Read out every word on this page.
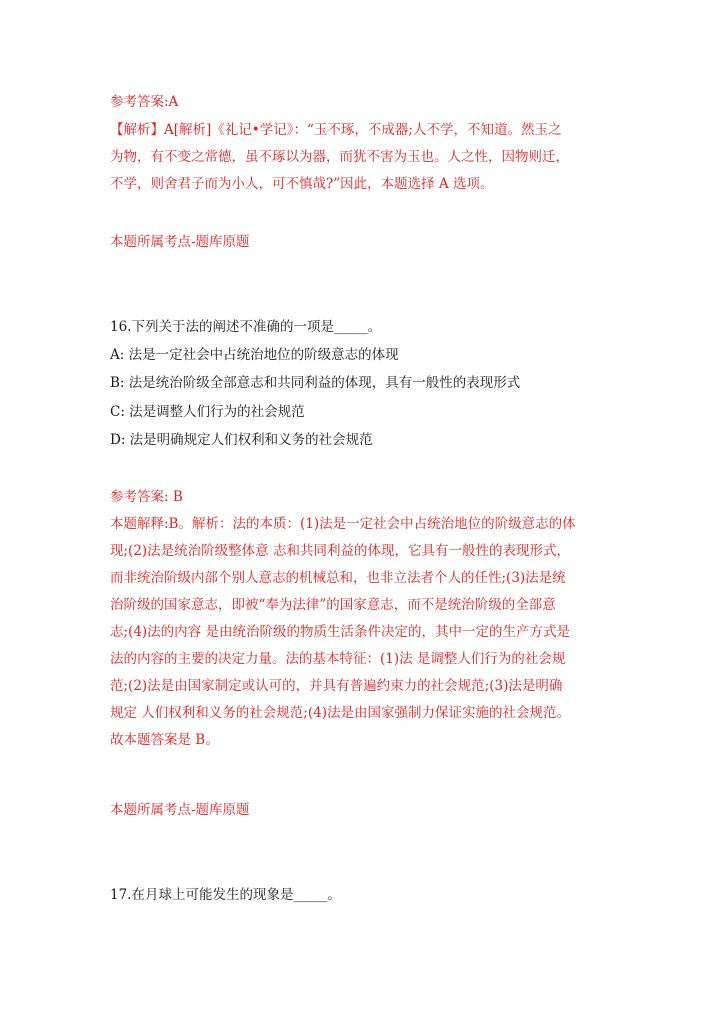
参考答案:A
【解析】A[解析]《礼记•学记》：“玉不琢，不成器;人不学，不知道。然玉之
为物，有不变之常德，虽不琢以为器，而犹不害为玉也。人之性，因物则迁，
不学，则舍君子而为小人，可不慎哉?”因此，本题选择 A 选项。
本题所属考点-题库原题
16.下列关于法的阐述不准确的一项是_____。
A: 法是一定社会中占统治地位的阶级意志的体现
B: 法是统治阶级全部意志和共同利益的体现，具有一般性的表现形式
C: 法是调整人们行为的社会规范
D: 法是明确规定人们权利和义务的社会规范
参考答案: B
本题解释:B。解析：法的本质：(1)法是一定社会中占统治地位的阶级意志的体
现;(2)法是统治阶级整体意 志和共同利益的体现，它具有一般性的表现形式，
而非统治阶级内部个别人意志的机械总和，也非立法者个人的任性;(3)法是统
治阶级的国家意志，即被“奉为法律”的国家意志，而不是统治阶级的全部意
志;(4)法的内容 是由统治阶级的物质生活条件决定的，其中一定的生产方式是
法的内容的主要的决定力量。法的基本特征：(1)法 是调整人们行为的社会规
范;(2)法是由国家制定或认可的，并具有普遍约束力的社会规范;(3)法是明确
规定 人们权利和义务的社会规范;(4)法是由国家强制力保证实施的社会规范。
故本题答案是 B。
本题所属考点-题库原题
17.在月球上可能发生的现象是_____。
